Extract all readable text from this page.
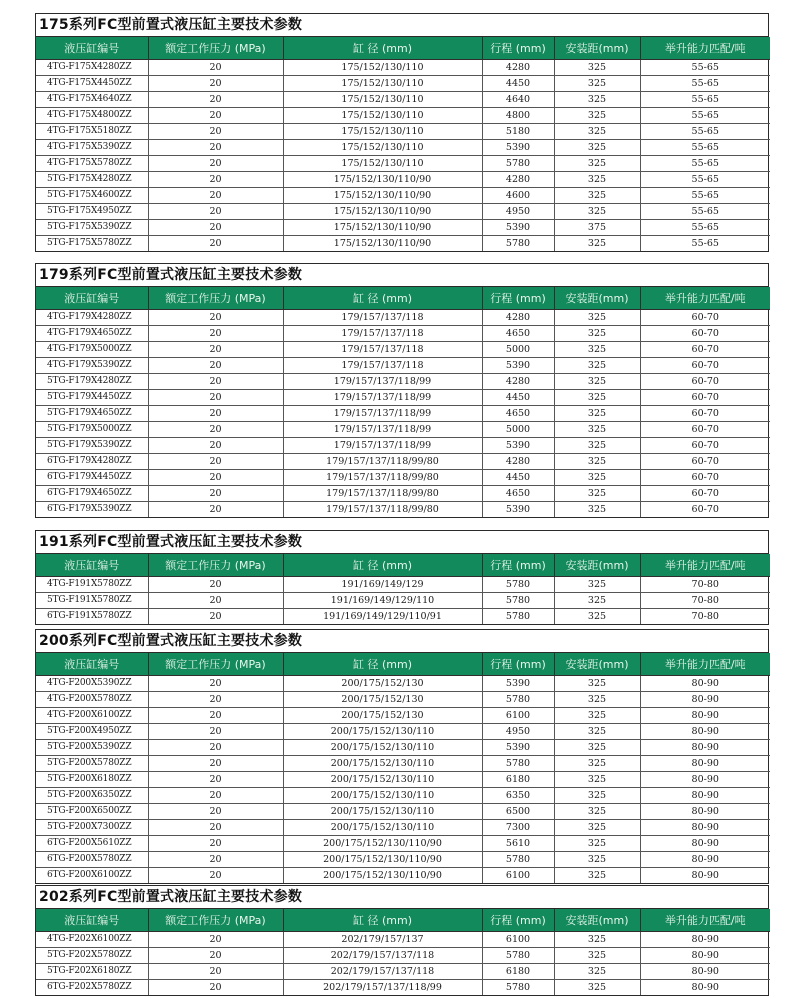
175系列FC型前置式液压缸主要技术参数
液压缸编号	额定工作压力 (MPa)	缸 径 (mm)	行程 (mm)	安装距(mm)	举升能力匹配/吨
4TG-F175X4280ZZ	20	175/152/130/110	4280	325	55-65
4TG-F175X4450ZZ	20	175/152/130/110	4450	325	55-65
4TG-F175X4640ZZ	20	175/152/130/110	4640	325	55-65
4TG-F175X4800ZZ	20	175/152/130/110	4800	325	55-65
4TG-F175X5180ZZ	20	175/152/130/110	5180	325	55-65
4TG-F175X5390ZZ	20	175/152/130/110	5390	325	55-65
4TG-F175X5780ZZ	20	175/152/130/110	5780	325	55-65
5TG-F175X4280ZZ	20	175/152/130/110/90	4280	325	55-65
5TG-F175X4600ZZ	20	175/152/130/110/90	4600	325	55-65
5TG-F175X4950ZZ	20	175/152/130/110/90	4950	325	55-65
5TG-F175X5390ZZ	20	175/152/130/110/90	5390	375	55-65
5TG-F175X5780ZZ	20	175/152/130/110/90	5780	325	55-65
179系列FC型前置式液压缸主要技术参数
液压缸编号	额定工作压力 (MPa)	缸 径 (mm)	行程 (mm)	安装距(mm)	举升能力匹配/吨
4TG-F179X4280ZZ	20	179/157/137/118	4280	325	60-70
4TG-F179X4650ZZ	20	179/157/137/118	4650	325	60-70
4TG-F179X5000ZZ	20	179/157/137/118	5000	325	60-70
4TG-F179X5390ZZ	20	179/157/137/118	5390	325	60-70
5TG-F179X4280ZZ	20	179/157/137/118/99	4280	325	60-70
5TG-F179X4450ZZ	20	179/157/137/118/99	4450	325	60-70
5TG-F179X4650ZZ	20	179/157/137/118/99	4650	325	60-70
5TG-F179X5000ZZ	20	179/157/137/118/99	5000	325	60-70
5TG-F179X5390ZZ	20	179/157/137/118/99	5390	325	60-70
6TG-F179X4280ZZ	20	179/157/137/118/99/80	4280	325	60-70
6TG-F179X4450ZZ	20	179/157/137/118/99/80	4450	325	60-70
6TG-F179X4650ZZ	20	179/157/137/118/99/80	4650	325	60-70
6TG-F179X5390ZZ	20	179/157/137/118/99/80	5390	325	60-70
191系列FC型前置式液压缸主要技术参数
液压缸编号	额定工作压力 (MPa)	缸 径 (mm)	行程 (mm)	安装距(mm)	举升能力匹配/吨
4TG-F191X5780ZZ	20	191/169/149/129	5780	325	70-80
5TG-F191X5780ZZ	20	191/169/149/129/110	5780	325	70-80
6TG-F191X5780ZZ	20	191/169/149/129/110/91	5780	325	70-80
200系列FC型前置式液压缸主要技术参数
液压缸编号	额定工作压力 (MPa)	缸 径 (mm)	行程 (mm)	安装距(mm)	举升能力匹配/吨
4TG-F200X5390ZZ	20	200/175/152/130	5390	325	80-90
4TG-F200X5780ZZ	20	200/175/152/130	5780	325	80-90
4TG-F200X6100ZZ	20	200/175/152/130	6100	325	80-90
5TG-F200X4950ZZ	20	200/175/152/130/110	4950	325	80-90
5TG-F200X5390ZZ	20	200/175/152/130/110	5390	325	80-90
5TG-F200X5780ZZ	20	200/175/152/130/110	5780	325	80-90
5TG-F200X6180ZZ	20	200/175/152/130/110	6180	325	80-90
5TG-F200X6350ZZ	20	200/175/152/130/110	6350	325	80-90
5TG-F200X6500ZZ	20	200/175/152/130/110	6500	325	80-90
5TG-F200X7300ZZ	20	200/175/152/130/110	7300	325	80-90
6TG-F200X5610ZZ	20	200/175/152/130/110/90	5610	325	80-90
6TG-F200X5780ZZ	20	200/175/152/130/110/90	5780	325	80-90
6TG-F200X6100ZZ	20	200/175/152/130/110/90	6100	325	80-90
202系列FC型前置式液压缸主要技术参数
液压缸编号	额定工作压力 (MPa)	缸 径 (mm)	行程 (mm)	安装距(mm)	举升能力匹配/吨
4TG-F202X6100ZZ	20	202/179/157/137	6100	325	80-90
5TG-F202X5780ZZ	20	202/179/157/137/118	5780	325	80-90
5TG-F202X6180ZZ	20	202/179/157/137/118	6180	325	80-90
6TG-F202X5780ZZ	20	202/179/157/137/118/99	5780	325	80-90
